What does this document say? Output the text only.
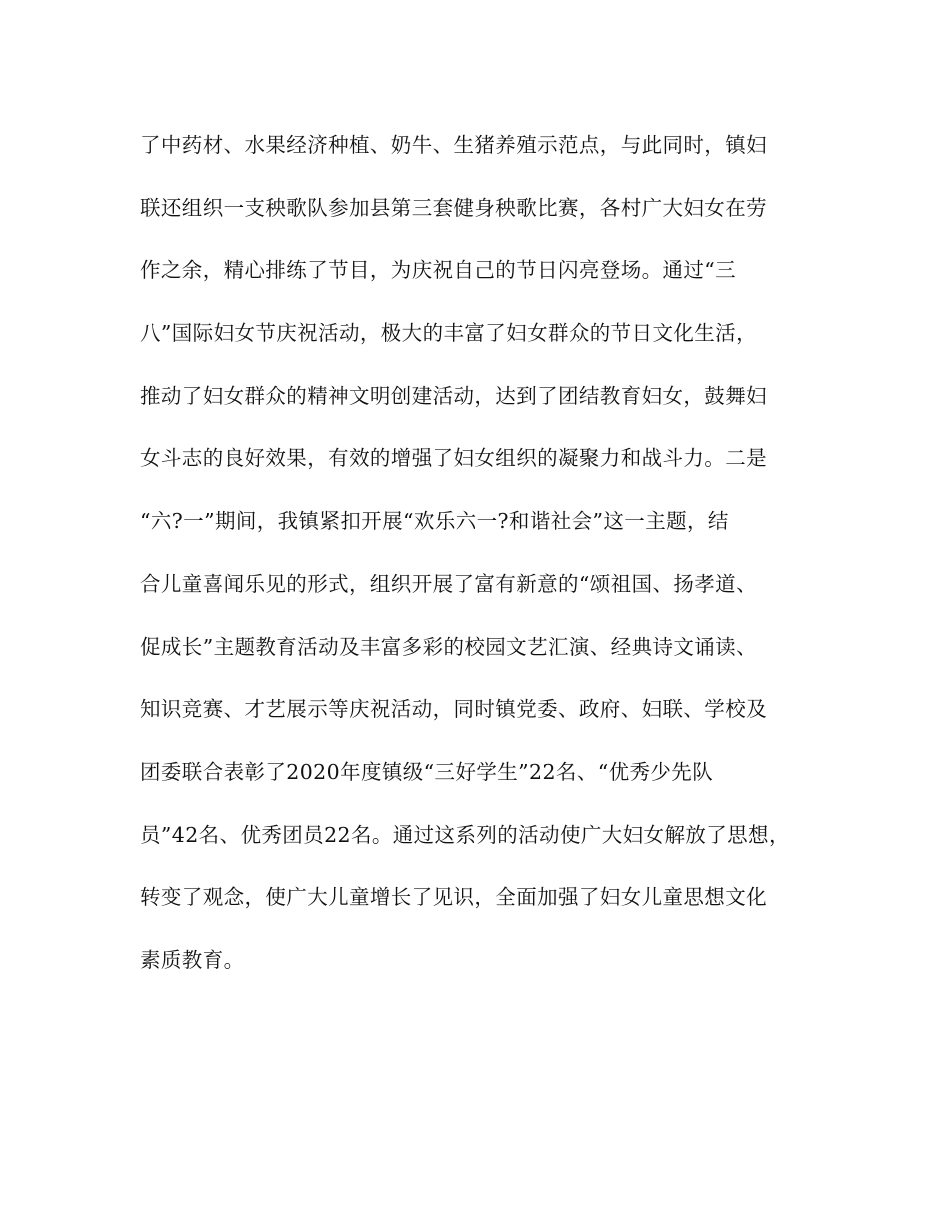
了中药材、水果经济种植、奶牛、生猪养殖示范点，与此同时，镇妇
联还组织一支秧歌队参加县第三套健身秧歌比赛，各村广大妇女在劳
作之余，精心排练了节目，为庆祝自己的节日闪亮登场。通过“三
八”国际妇女节庆祝活动，极大的丰富了妇女群众的节日文化生活，
推动了妇女群众的精神文明创建活动，达到了团结教育妇女，鼓舞妇
女斗志的良好效果，有效的增强了妇女组织的凝聚力和战斗力。二是
“六?一”期间，我镇紧扣开展“欢乐六一?和谐社会”这一主题，结
合儿童喜闻乐见的形式，组织开展了富有新意的“颂祖国、扬孝道、
促成长”主题教育活动及丰富多彩的校园文艺汇演、经典诗文诵读、
知识竞赛、才艺展示等庆祝活动，同时镇党委、政府、妇联、学校及
团委联合表彰了2020年度镇级“三好学生”22名、“优秀少先队
员”42名、优秀团员22名。通过这系列的活动使广大妇女解放了思想，
转变了观念，使广大儿童增长了见识，全面加强了妇女儿童思想文化
素质教育。
